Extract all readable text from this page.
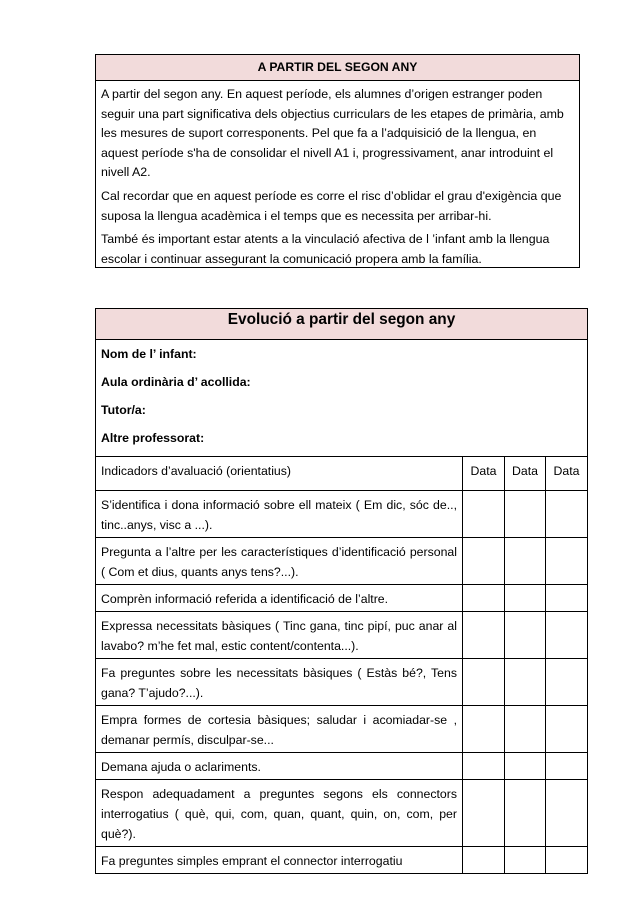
A PARTIR DEL SEGON ANY

A partir del segon any. En aquest període, els alumnes d’origen estranger poden seguir una part significativa dels objectius curriculars de les etapes de primària, amb les mesures de suport corresponents. Pel que fa a l’adquisició de la llengua, en aquest període s'ha de consolidar el nivell A1 i, progressivament, anar introduint el nivell A2.

Cal recordar que en aquest període es corre el risc d’oblidar el grau d'exigència que suposa la llengua acadèmica i el temps que es necessita per arribar-hi.

També és important estar atents a la vinculació afectiva de l ’infant amb la llengua escolar i continuar assegurant la comunicació propera amb la família.

Evolució a partir del segon any			

Nom de l’ infant:
Aula ordinària d’ acollida:
Tutor/a:
Altre professorat:			

Indicadors d’avaluació (orientatius)	Data	Data	Data
S’identifica i dona informació sobre ell mateix ( Em dic, sóc de.., tinc..anys, visc a ...).			
Pregunta a l’altre per les característiques d’identificació personal ( Com et dius, quants anys tens?...).			
Comprèn informació referida a identificació de l’altre.			
Expressa necessitats bàsiques ( Tinc gana, tinc pipí, puc anar al lavabo? m’he fet mal, estic content/contenta...).			
Fa preguntes sobre les necessitats bàsiques ( Estàs bé?, Tens gana? T’ajudo?...).			
Empra formes de cortesia bàsiques; saludar i acomiadar-se , demanar permís, disculpar-se...			
Demana ajuda o aclariments.			
Respon adequadament a preguntes segons els connectors interrogatius ( què, qui, com, quan, quant, quin, on, com, per què?).			
Fa preguntes simples emprant el connector interrogatiu			
